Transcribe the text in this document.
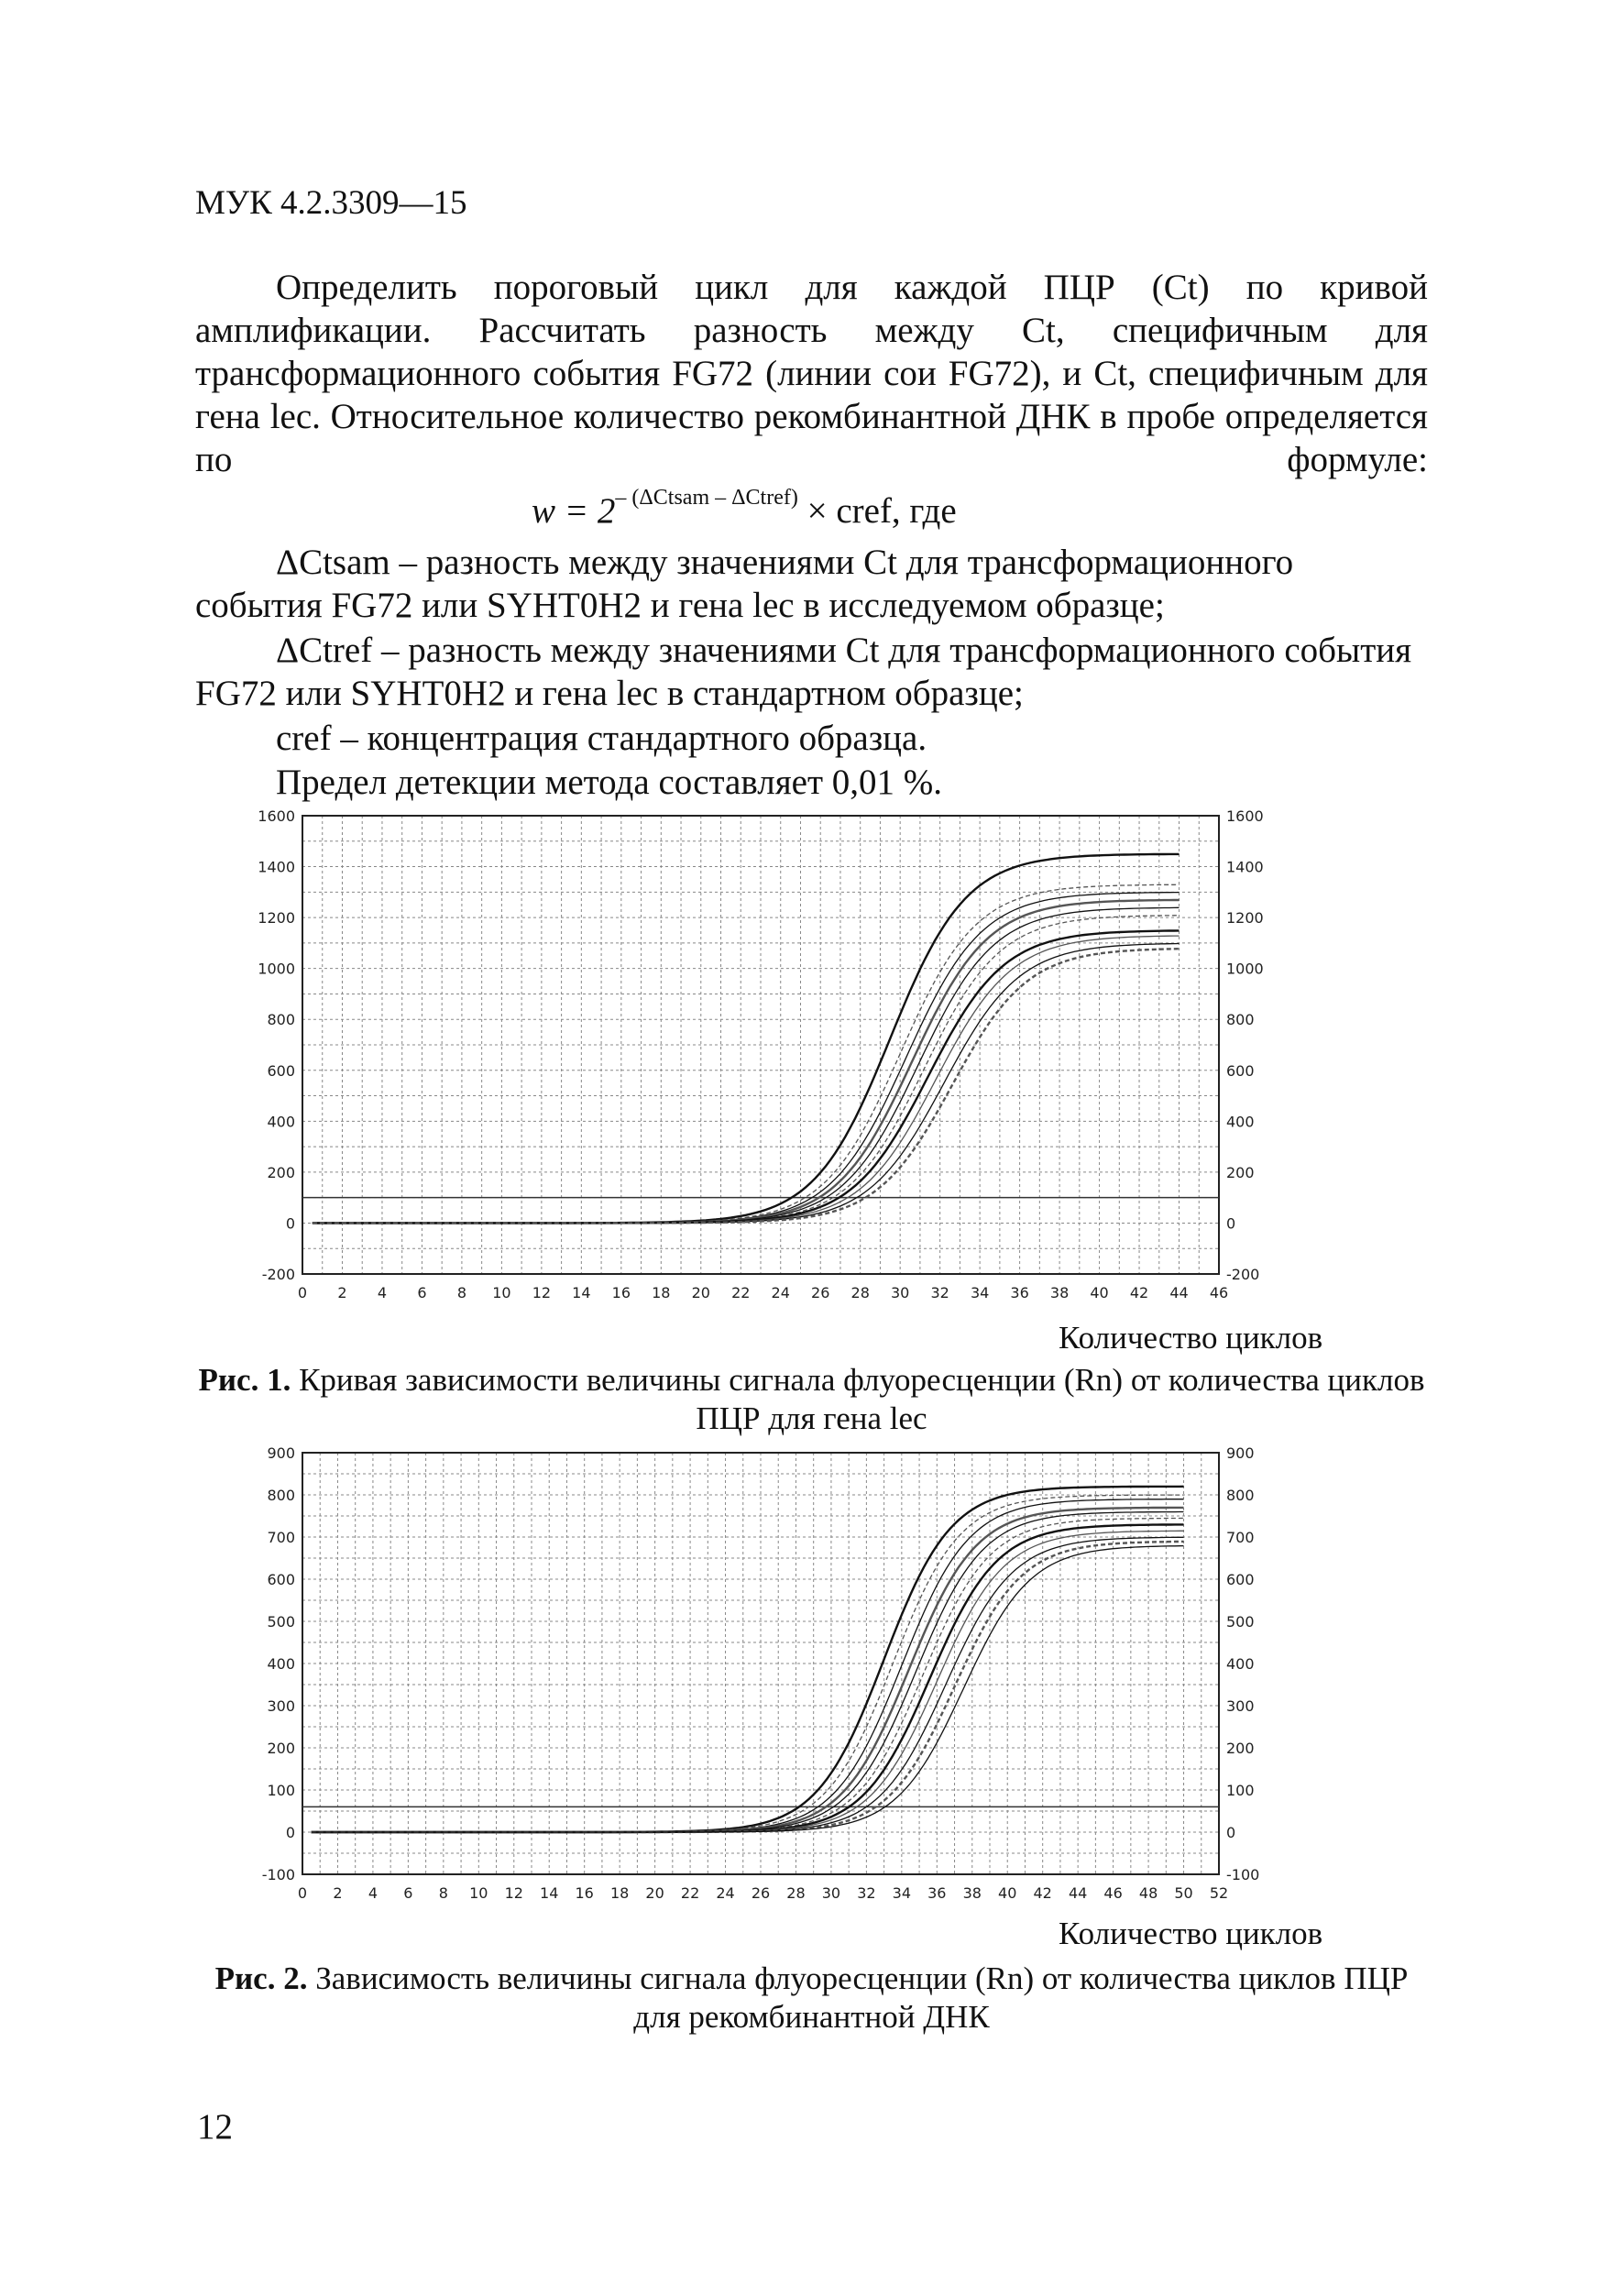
МУК 4.2.3309—15

Определить пороговый цикл для каждой ПЦР (Ct) по кривой амплификации. Рассчитать разность между Ct, специфичным для трансформационного события FG72 (линии сои FG72), и Ct, специфичным для гена lec. Относительное количество рекомбинантной ДНК в пробе определяется по формуле:

$w = 2^{- (\Delta Ctsam - \Delta Ctref)}$ × cref, где

ΔCtsam – разность между значениями Ct для трансформационного события FG72 или SYHT0H2 и гена lec в исследуемом образце;

ΔCtref – разность между значениями Ct для трансформационного события FG72 или SYHT0H2 и гена lec в стандартном образце;

cref – концентрация стандартного образца.

Предел детекции метода составляет 0,01 %.

-200	-200
0	0
200	200
400	400
600	600
800	800
1000	1000
1200	1200
1400	1400
1600	1600
0 2 4 6 8 10 12 14 16 18 20 22 24 26 28 30 32 34 36 38 40 42 44 46
Количество циклов
Рис. 1. Кривая зависимости величины сигнала флуоресценции (Rn) от количества циклов ПЦР для гена lec
-100	-100
0	0
100	100
200	200
300	300
400	400
500	500
600	600
700	700
800	800
900	900
0 2 4 6 8 10 12 14 16 18 20 22 24 26 28 30 32 34 36 38 40 42 44 46 48 50 52
Количество циклов
Рис. 2. Зависимость величины сигнала флуоресценции (Rn) от количества циклов ПЦР для рекомбинантной ДНК
12
